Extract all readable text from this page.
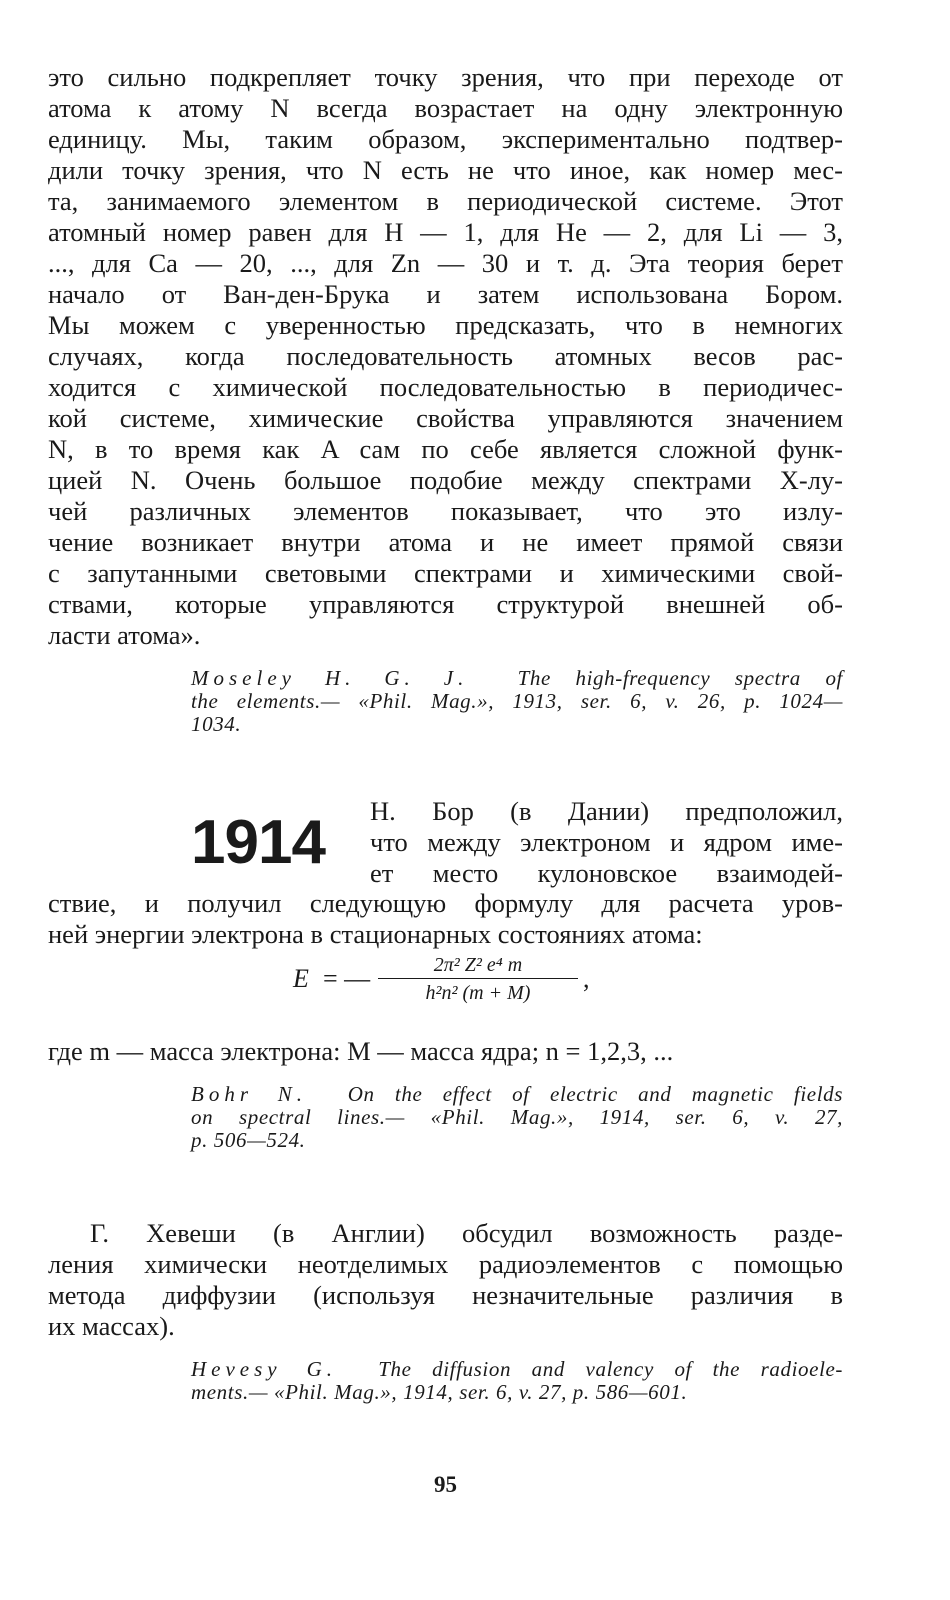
это сильно подкрепляет точку зрения, что при переходе от
атома к атому N всегда возрастает на одну электронную
единицу. Мы, таким образом, экспериментально подтвер-
дили точку зрения, что N есть не что иное, как номер мес-
та, занимаемого элементом в периодической системе. Этот
атомный номер равен для H — 1, для He — 2, для Li — 3,
..., для Ca — 20, ..., для Zn — 30 и т. д. Эта теория берет
начало от Ван-ден-Брука и затем использована Бором.
Мы можем с уверенностью предсказать, что в немногих
случаях, когда последовательность атомных весов рас-
ходится с химической последовательностью в периодичес-
кой системе, химические свойства управляются значением
N, в то время как A сам по себе является сложной функ-
цией N. Очень большое подобие между спектрами X-лу-
чей различных элементов показывает, что это излу-
чение возникает внутри атома и не имеет прямой связи
с запутанными световыми спектрами и химическими свой-
ствами, которые управляются структурой внешней об-
ласти атома».
Moseley H. G. J. The high-frequency spectra of
the elements.— «Phil. Mag.», 1913, ser. 6, v. 26, p. 1024—
1034.
1914 Н. Бор (в Дании) предположил,
что между электроном и ядром име-
ет место кулоновское взаимодей-
ствие, и получил следующую формулу для расчета уров-
ней энергии электрона в стационарных состояниях атома:
E = — $\frac{\text{2π² Z² e⁴ m}}{\text{h²n² (m + M)}}$ ,
где m — масса электрона: M — масса ядра; n = 1,2,3, ...
Bohr N. On the effect of electric and magnetic fields
on spectral lines.— «Phil. Mag.», 1914, ser. 6, v. 27,
p. 506—524.
Г. Хевеши (в Англии) обсудил возможность разде-
ления химически неотделимых радиоэлементов с помощью
метода диффузии (используя незначительные различия в
их массах).
Hevesy G. The diffusion and valency of the radioele-
ments.— «Phil. Mag.», 1914, ser. 6, v. 27, p. 586—601.
95
